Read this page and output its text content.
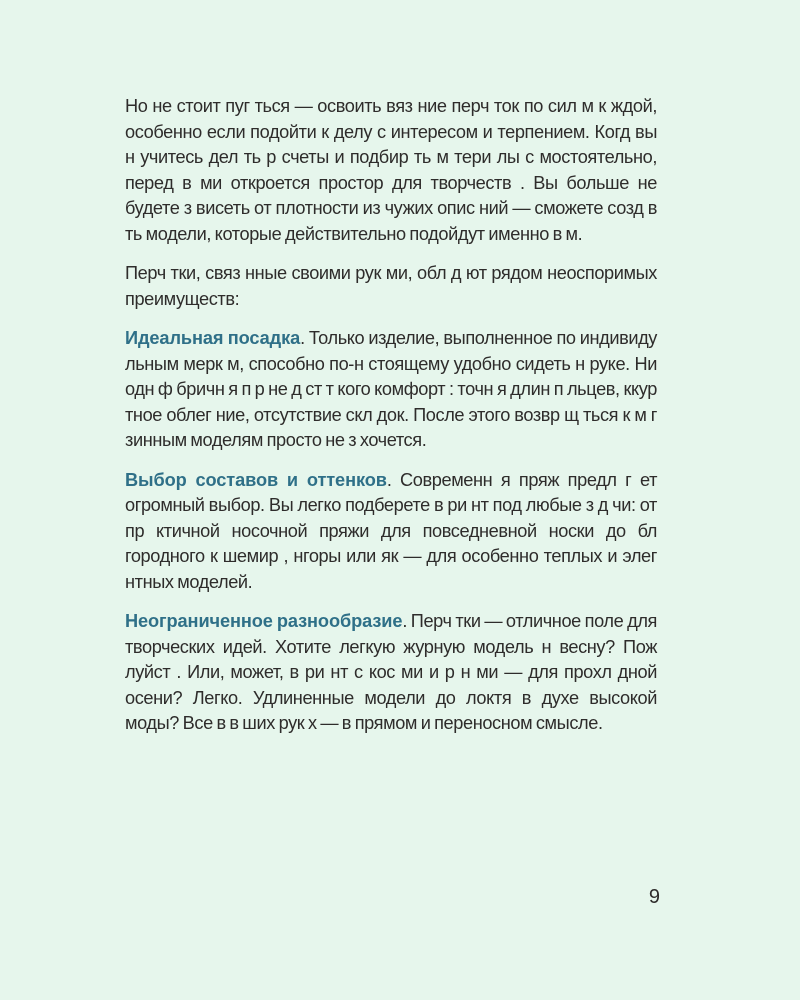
Но не стоит пуг ться — освоить вяз ние перч ток по сил м к ждой, особенно если подойти к делу с интересом и терпением. Когд вы н учитесь дел ть р счеты и подбир ть м тери лы с мостоятельно, перед в ми откроется простор для творчеств . Вы больше не будете з висеть от плотности из чужих опис ний — сможете созд в ть модели, которые действительно подойдут именно в м.

Перч тки, связ нные своими рук ми, обл д ют рядом неоспоримых преимуществ:

Идеальная посадка. Только изделие, выполненное по индивиду льным мерк м, способно по-н стоящему удобно сидеть н руке. Ни одн ф бричн я п р не д ст т кого комфорт : точн я длин п льцев, ккур тное облег ние, отсутствие скл док. После этого возвр щ ться к м г зинным моделям просто не з хочется.

Выбор составов и оттенков. Современн я пряж предл г ет огромный выбор. Вы легко подберете в ри нт под любые з д чи: от пр ктичной носочной пряжи для повседневной носки до бл городного к шемир , нгоры или як — для особенно теплых и элег нтных моделей.

Неограниченное разнообразие. Перч тки — отличное поле для творческих идей. Хотите легкую журную модель н весну? Пож луйст . Или, может, в ри нт с кос ми и р н ми — для прохл дной осени? Легко. Удлиненные модели до локтя в духе высокой моды? Все в в ших рук х — в прямом и переносном смысле.

9
